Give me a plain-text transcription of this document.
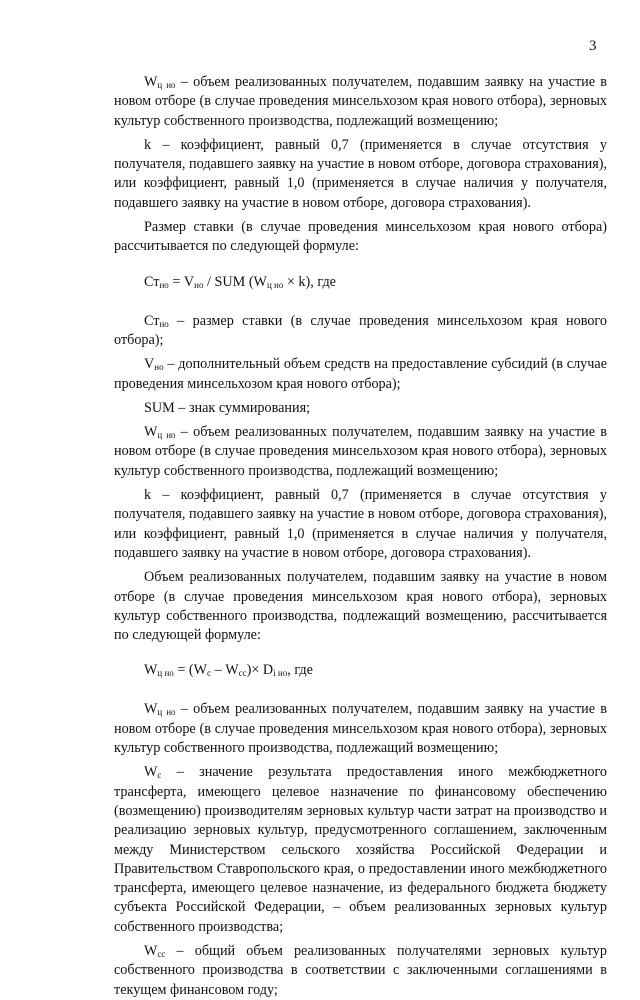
3

$W_{ц но}$ – объем реализованных получателем, подавшим заявку на участие в новом отборе (в случае проведения минсельхозом края нового отбора), зерновых культур собственного производства, подлежащий возмещению;

k – коэффициент, равный 0,7 (применяется в случае отсутствия у получателя, подавшего заявку на участие в новом отборе, договора страхования), или коэффициент, равный 1,0 (применяется в случае наличия у получателя, подавшего заявку на участие в новом отборе, договора страхования).

Размер ставки (в случае проведения минсельхозом края нового отбора) рассчитывается по следующей формуле:

$Ст_{но} = V_{но}$ / SUM $(W_{ц но} \times k)$, где

$Ст_{но}$ – размер ставки (в случае проведения минсельхозом края нового отбора);

$V_{но}$ – дополнительный объем средств на предоставление субсидий (в случае проведения минсельхозом края нового отбора);

SUM – знак суммирования;

$W_{ц но}$ – объем реализованных получателем, подавшим заявку на участие в новом отборе (в случае проведения минсельхозом края нового отбора), зерновых культур собственного производства, подлежащий возмещению;

k – коэффициент, равный 0,7 (применяется в случае отсутствия у получателя, подавшего заявку на участие в новом отборе, договора страхования), или коэффициент, равный 1,0 (применяется в случае наличия у получателя, подавшего заявку на участие в новом отборе, договора страхования).

Объем реализованных получателем, подавшим заявку на участие в новом отборе (в случае проведения минсельхозом края нового отбора), зерновых культур собственного производства, подлежащий возмещению, рассчитывается по следующей формуле:

$W_{ц но} = (W_с - W_{сс})\times D_{i но}$, где

$W_{ц но}$ – объем реализованных получателем, подавшим заявку на участие в новом отборе (в случае проведения минсельхозом края нового отбора), зерновых культур собственного производства, подлежащий возмещению;

$W_с$ – значение результата предоставления иного межбюджетного трансферта, имеющего целевое назначение по финансовому обеспечению (возмещению) производителям зерновых культур части затрат на производство и реализацию зерновых культур, предусмотренного соглашением, заключенным между Министерством сельского хозяйства Российской Федерации и Правительством Ставропольского края, о предоставлении иного межбюджетного трансферта, имеющего целевое назначение, из федерального бюджета бюджету субъекта Российской Федерации, – объем реализованных зерновых культур собственного производства;

$W_{сс}$ – общий объем реализованных получателями зерновых культур собственного производства в соответствии с заключенными соглашениями в текущем финансовом году;
